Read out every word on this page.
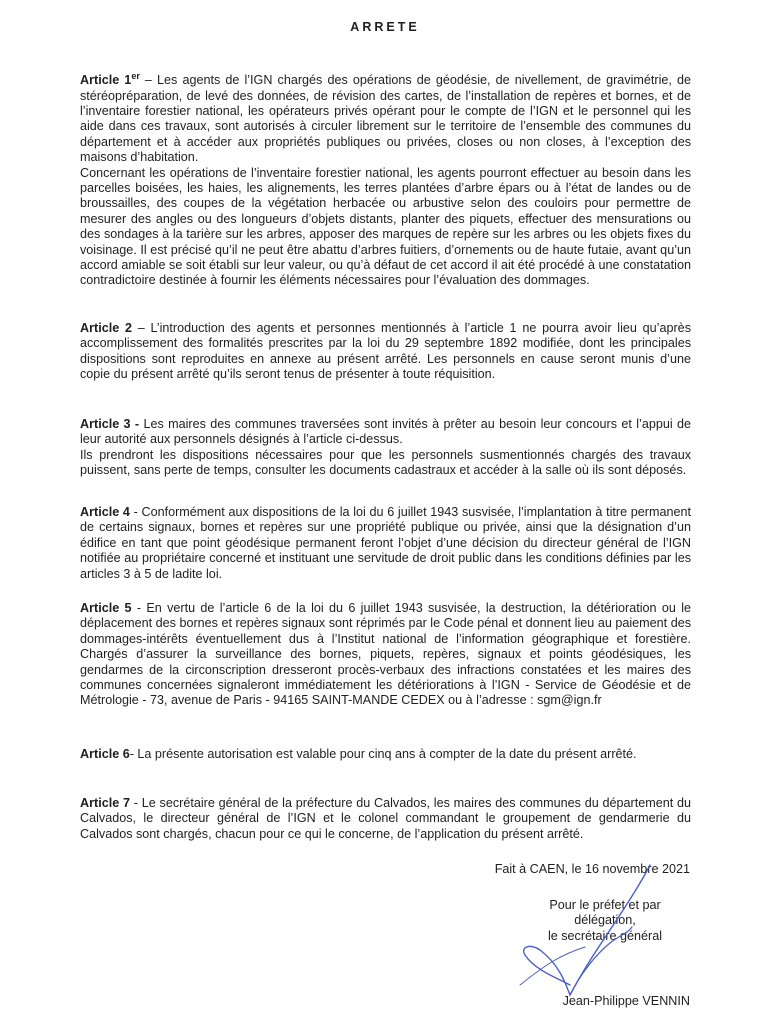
ARRETE

Article 1er – Les agents de l’IGN chargés des opérations de géodésie, de nivellement, de gravimétrie, de stéréopréparation, de levé des données, de révision des cartes, de l’installation de repères et bornes, et de l’inventaire forestier national, les opérateurs privés opérant pour le compte de l’IGN et le personnel qui les aide dans ces travaux, sont autorisés à circuler librement sur le territoire de l’ensemble des communes du département et à accéder aux propriétés publiques ou privées, closes ou non closes, à l’exception des maisons d’habitation.

Concernant les opérations de l’inventaire forestier national, les agents pourront effectuer au besoin dans les parcelles boisées, les haies, les alignements, les terres plantées d’arbre épars ou à l’état de landes ou de broussailles, des coupes de la végétation herbacée ou arbustive selon des couloirs pour permettre de mesurer des angles ou des longueurs d’objets distants, planter des piquets, effectuer des mensurations ou des sondages à la tarière sur les arbres, apposer des marques de repère sur les arbres ou les objets fixes du voisinage. Il est précisé qu’il ne peut être abattu d’arbres fuitiers, d’ornements ou de haute futaie, avant qu’un accord amiable se soit établi sur leur valeur, ou qu’à défaut de cet accord il ait été procédé à une constatation contradictoire destinée à fournir les éléments nécessaires pour l’évaluation des dommages.

Article 2 – L’introduction des agents et personnes mentionnés à l’article 1 ne pourra avoir lieu qu’après accomplissement des formalités prescrites par la loi du 29 septembre 1892 modifiée, dont les principales dispositions sont reproduites en annexe au présent arrêté. Les personnels en cause seront munis d’une copie du présent arrêté qu’ils seront tenus de présenter à toute réquisition.

Article 3 - Les maires des communes traversées sont invités à prêter au besoin leur concours et l’appui de leur autorité aux personnels désignés à l’article ci-dessus.

Ils prendront les dispositions nécessaires pour que les personnels susmentionnés chargés des travaux puissent, sans perte de temps, consulter les documents cadastraux et accéder à la salle où ils sont déposés.

Article 4 - Conformément aux dispositions de la loi du 6 juillet 1943 susvisée, l’implantation à titre permanent de certains signaux, bornes et repères sur une propriété publique ou privée, ainsi que la désignation d’un édifice en tant que point géodésique permanent feront l’objet d’une décision du directeur général de l’IGN notifiée au propriétaire concerné et instituant une servitude de droit public dans les conditions définies par les articles 3 à 5 de ladite loi.

Article 5 - En vertu de l’article 6 de la loi du 6 juillet 1943 susvisée, la destruction, la détérioration ou le déplacement des bornes et repères signaux sont réprimés par le Code pénal et donnent lieu au paiement des dommages-intérêts éventuellement dus à l’Institut national de l’information géographique et forestière. Chargés d’assurer la surveillance des bornes, piquets, repères, signaux et points géodésiques, les gendarmes de la circonscription dresseront procès-verbaux des infractions constatées et les maires des communes concernées signaleront immédiatement les détériorations à l’IGN - Service de Géodésie et de Métrologie - 73, avenue de Paris - 94165 SAINT-MANDE CEDEX ou à l’adresse : sgm@ign.fr

Article 6- La présente autorisation est valable pour cinq ans à compter de la date du présent arrêté.

Article 7 - Le secrétaire général de la préfecture du Calvados, les maires des communes du département du Calvados, le directeur général de l’IGN et le colonel commandant le groupement de gendarmerie du Calvados sont chargés, chacun pour ce qui le concerne, de l’application du présent arrêté.

Fait à CAEN, le 16 novembre 2021
Pour le préfet et par délégation,
le secrétaire général
Jean-Philippe VENNIN
